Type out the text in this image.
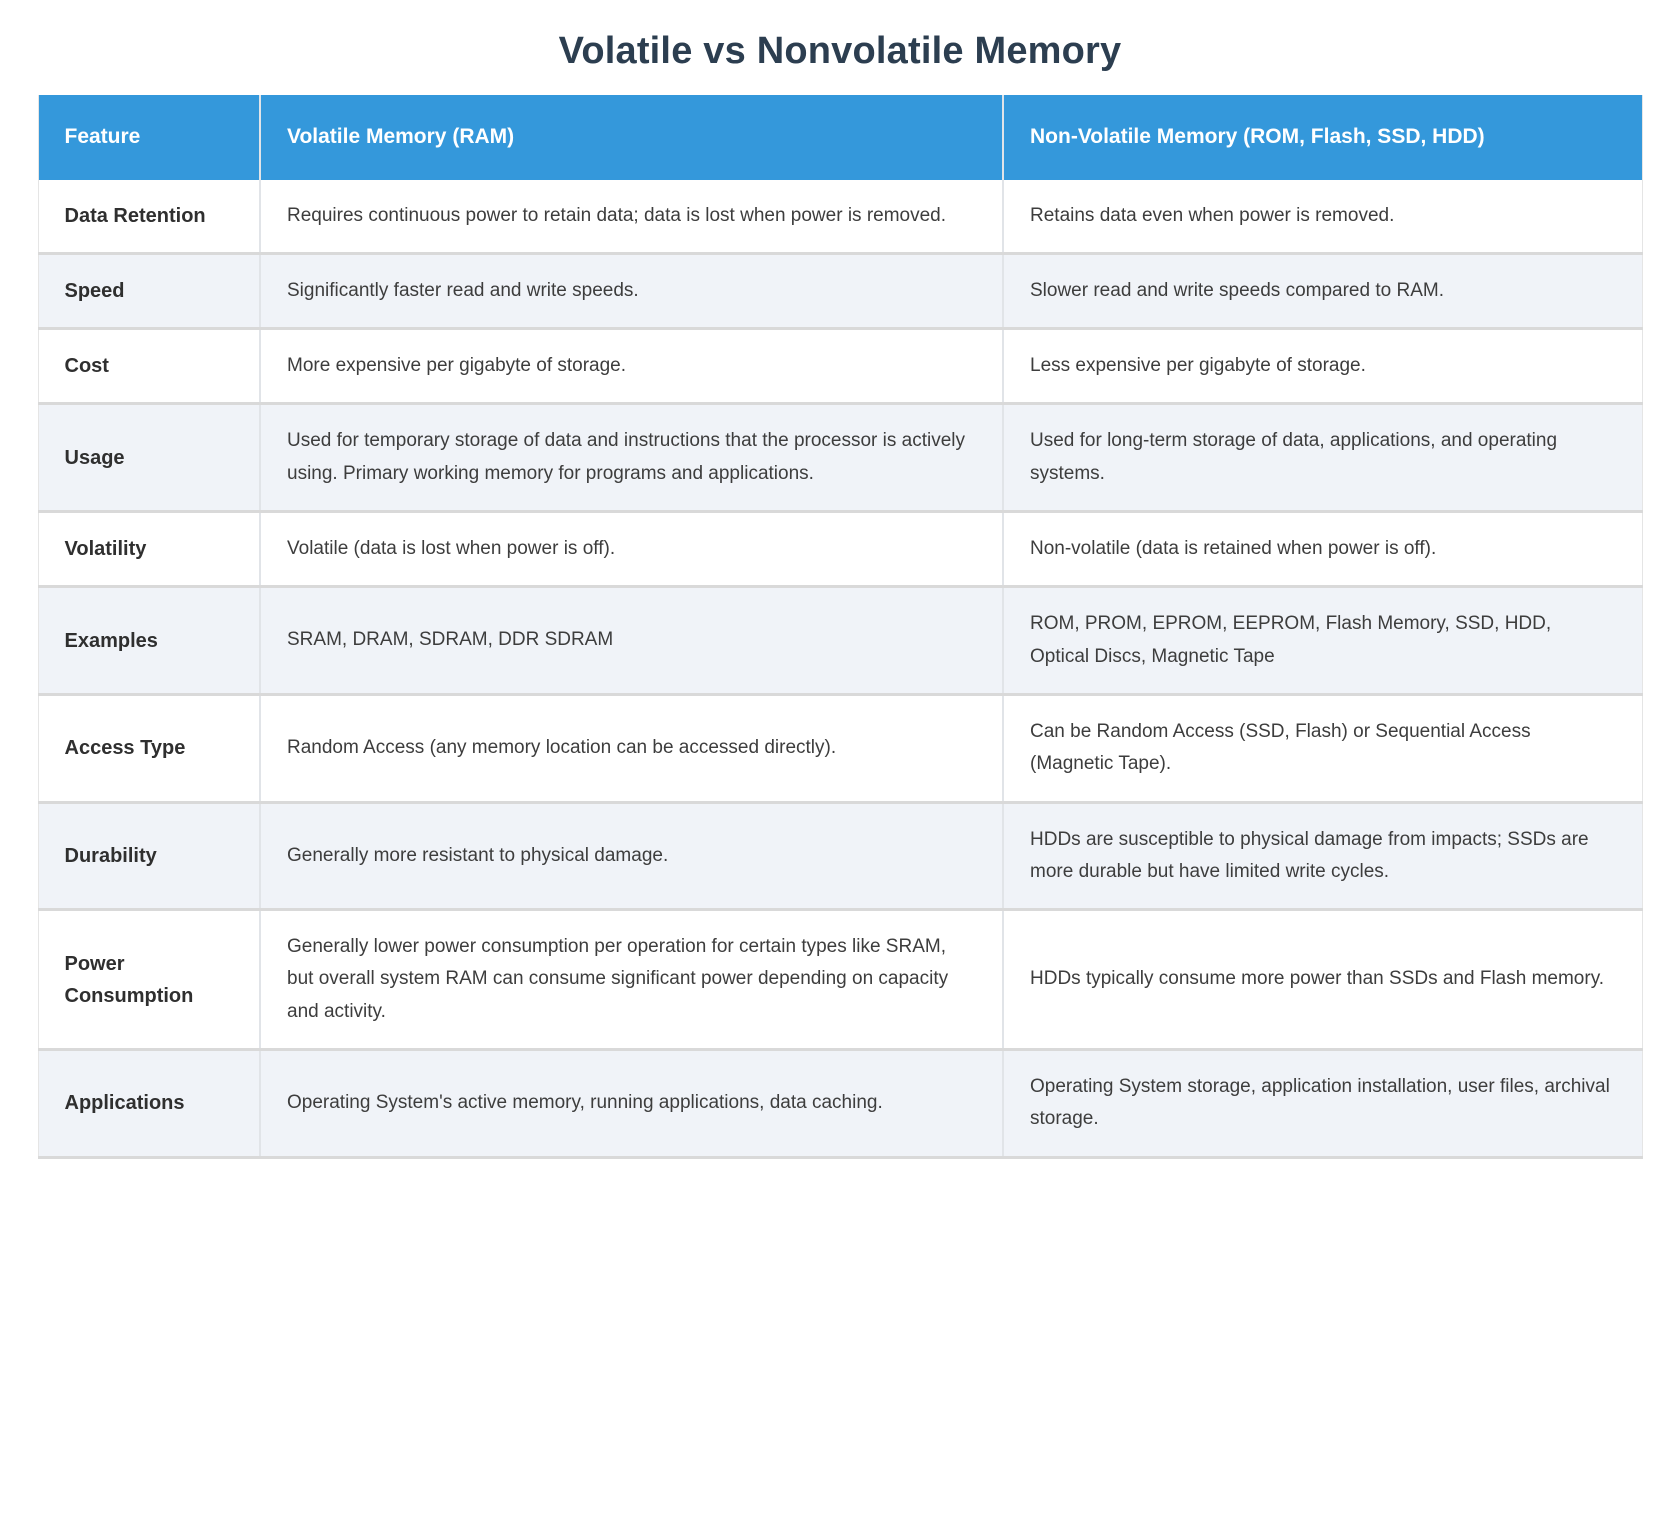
Volatile vs Nonvolatile Memory
Feature	Volatile Memory (RAM)	Non-Volatile Memory (ROM, Flash, SSD, HDD)
Data Retention	Requires continuous power to retain data; data is lost when power is removed.	Retains data even when power is removed.
Speed	Significantly faster read and write speeds.	Slower read and write speeds compared to RAM.
Cost	More expensive per gigabyte of storage.	Less expensive per gigabyte of storage.
Usage	Used for temporary storage of data and instructions that the processor is actively using. Primary working memory for programs and applications.	Used for long-term storage of data, applications, and operating systems.
Volatility	Volatile (data is lost when power is off).	Non-volatile (data is retained when power is off).
Examples	SRAM, DRAM, SDRAM, DDR SDRAM	ROM, PROM, EPROM, EEPROM, Flash Memory, SSD, HDD, Optical Discs, Magnetic Tape
Access Type	Random Access (any memory location can be accessed directly).	Can be Random Access (SSD, Flash) or Sequential Access (Magnetic Tape).
Durability	Generally more resistant to physical damage.	HDDs are susceptible to physical damage from impacts; SSDs are more durable but have limited write cycles.
Power Consumption	Generally lower power consumption per operation for certain types like SRAM, but overall system RAM can consume significant power depending on capacity and activity.	HDDs typically consume more power than SSDs and Flash memory.
Applications	Operating System's active memory, running applications, data caching.	Operating System storage, application installation, user files, archival storage.
